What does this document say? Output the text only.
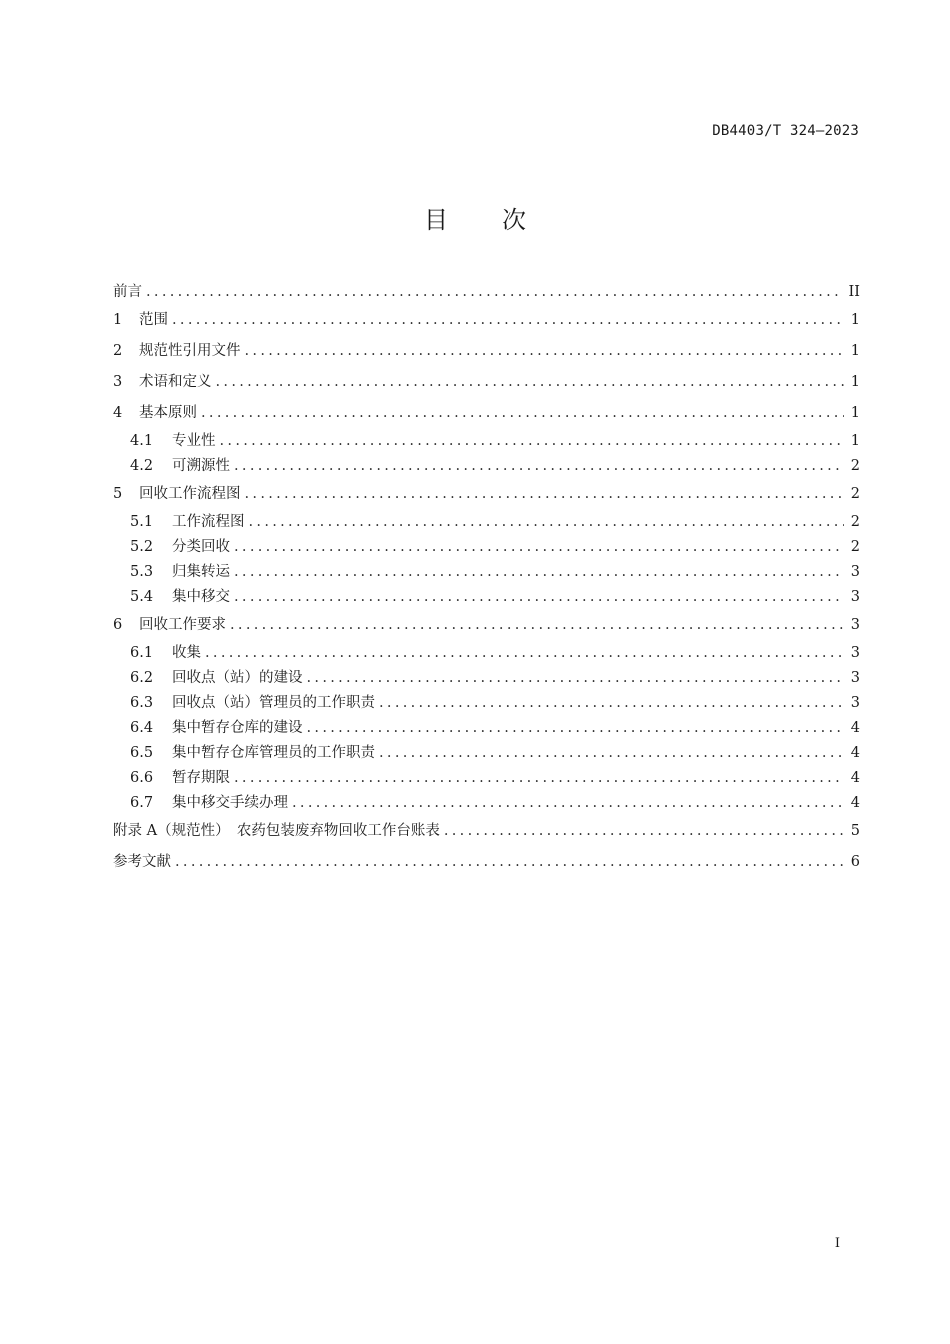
DB4403/T 324—2023
目 次
前言 .....	II
1	范围 .....	1
2	规范性引用文件 .....	1
3	术语和定义 .....	1
4	基本原则 .....	1
4.1	专业性 .....	1
4.2	可溯源性 .....	2
5	回收工作流程图 .....	2
5.1	工作流程图 .....	2
5.2	分类回收 .....	2
5.3	归集转运 .....	3
5.4	集中移交 .....	3
6	回收工作要求 .....	3
6.1	收集 .....	3
6.2	回收点（站）的建设 .....	3
6.3	回收点（站）管理员的工作职责 .....	3
6.4	集中暂存仓库的建设 .....	4
6.5	集中暂存仓库管理员的工作职责 .....	4
6.6	暂存期限 .....	4
6.7	集中移交手续办理 .....	4
附录 A（规范性）　农药包装废弃物回收工作台账表 .....	5
参考文献 .....	6
I
